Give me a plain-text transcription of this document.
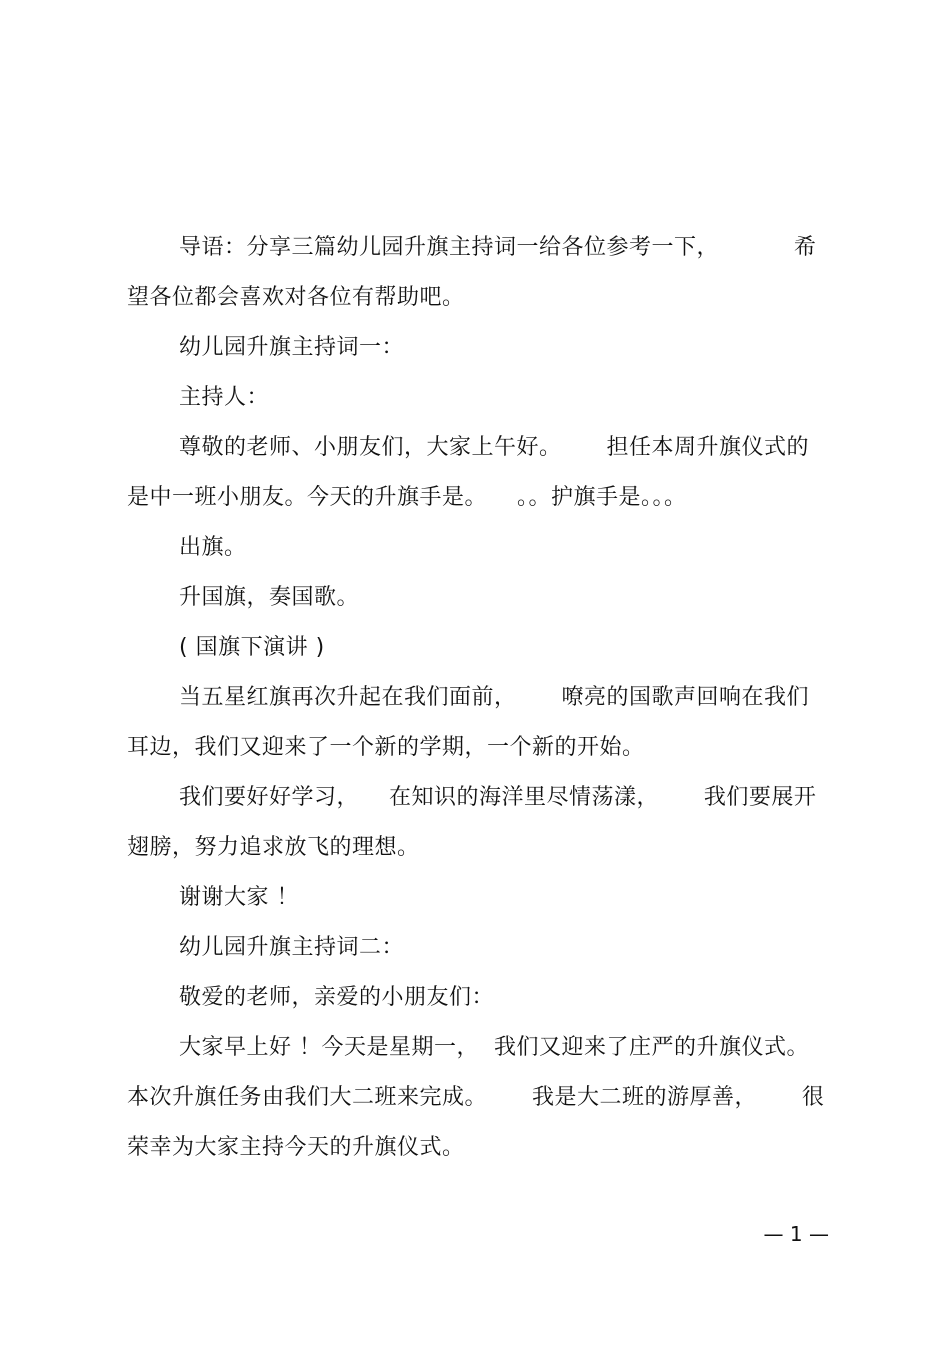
导语：分享三篇幼儿园升旗主持词一给各位参考一下，          希望各位都会喜欢对各位有帮助吧。

幼儿园升旗主持词一：

主持人：

尊敬的老师、小朋友们，大家上午好。      担任本周升旗仪式的是中一班小朋友。今天的升旗手是。    。。护旗手是。。。

出旗。

升国旗，奏国歌。

( 国旗下演讲 )

当五星红旗再次升起在我们面前，      嘹亮的国歌声回响在我们耳边，我们又迎来了一个新的学期，一个新的开始。

我们要好好学习，    在知识的海洋里尽情荡漾，      我们要展开翅膀，努力追求放飞的理想。

谢谢大家 ！

幼儿园升旗主持词二：

敬爱的老师，亲爱的小朋友们：

大家早上好 ！今天是星期一，  我们又迎来了庄严的升旗仪式。本次升旗任务由我们大二班来完成。      我是大二班的游厚善，      很荣幸为大家主持今天的升旗仪式。

— 1 —
